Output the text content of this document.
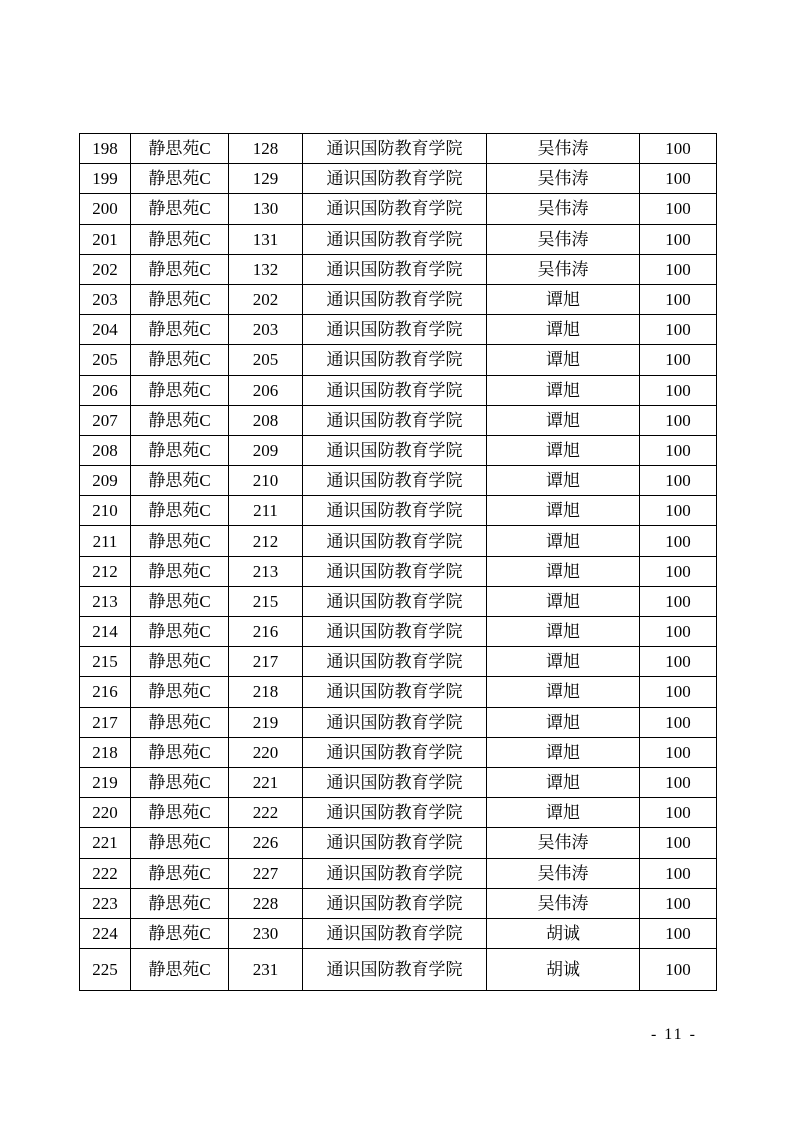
198	静思苑C	128	通识国防教育学院	吴伟涛	100
199	静思苑C	129	通识国防教育学院	吴伟涛	100
200	静思苑C	130	通识国防教育学院	吴伟涛	100
201	静思苑C	131	通识国防教育学院	吴伟涛	100
202	静思苑C	132	通识国防教育学院	吴伟涛	100
203	静思苑C	202	通识国防教育学院	谭旭	100
204	静思苑C	203	通识国防教育学院	谭旭	100
205	静思苑C	205	通识国防教育学院	谭旭	100
206	静思苑C	206	通识国防教育学院	谭旭	100
207	静思苑C	208	通识国防教育学院	谭旭	100
208	静思苑C	209	通识国防教育学院	谭旭	100
209	静思苑C	210	通识国防教育学院	谭旭	100
210	静思苑C	211	通识国防教育学院	谭旭	100
211	静思苑C	212	通识国防教育学院	谭旭	100
212	静思苑C	213	通识国防教育学院	谭旭	100
213	静思苑C	215	通识国防教育学院	谭旭	100
214	静思苑C	216	通识国防教育学院	谭旭	100
215	静思苑C	217	通识国防教育学院	谭旭	100
216	静思苑C	218	通识国防教育学院	谭旭	100
217	静思苑C	219	通识国防教育学院	谭旭	100
218	静思苑C	220	通识国防教育学院	谭旭	100
219	静思苑C	221	通识国防教育学院	谭旭	100
220	静思苑C	222	通识国防教育学院	谭旭	100
221	静思苑C	226	通识国防教育学院	吴伟涛	100
222	静思苑C	227	通识国防教育学院	吴伟涛	100
223	静思苑C	228	通识国防教育学院	吴伟涛	100
224	静思苑C	230	通识国防教育学院	胡诚	100
225	静思苑C	231	通识国防教育学院	胡诚	100
- 11 -
